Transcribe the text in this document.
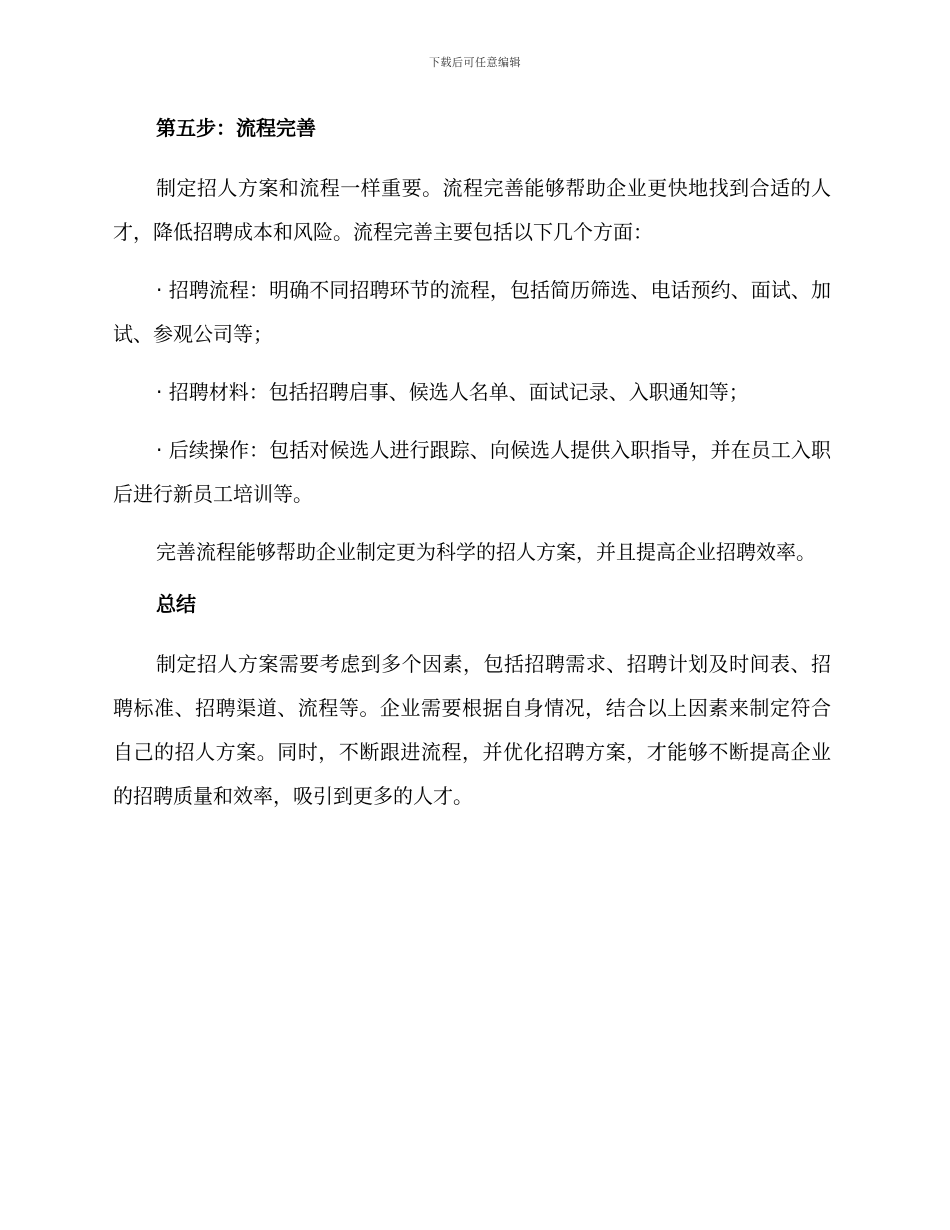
下载后可任意编辑
第五步：流程完善

制定招人方案和流程一样重要。流程完善能够帮助企业更快地找到合适的人才，降低招聘成本和风险。流程完善主要包括以下几个方面：

· 招聘流程：明确不同招聘环节的流程，包括简历筛选、电话预约、面试、加试、参观公司等；

· 招聘材料：包括招聘启事、候选人名单、面试记录、入职通知等；

· 后续操作：包括对候选人进行跟踪、向候选人提供入职指导，并在员工入职后进行新员工培训等。

完善流程能够帮助企业制定更为科学的招人方案，并且提高企业招聘效率。

总结

制定招人方案需要考虑到多个因素，包括招聘需求、招聘计划及时间表、招聘标准、招聘渠道、流程等。企业需要根据自身情况，结合以上因素来制定符合自己的招人方案。同时，不断跟进流程，并优化招聘方案，才能够不断提高企业的招聘质量和效率，吸引到更多的人才。
